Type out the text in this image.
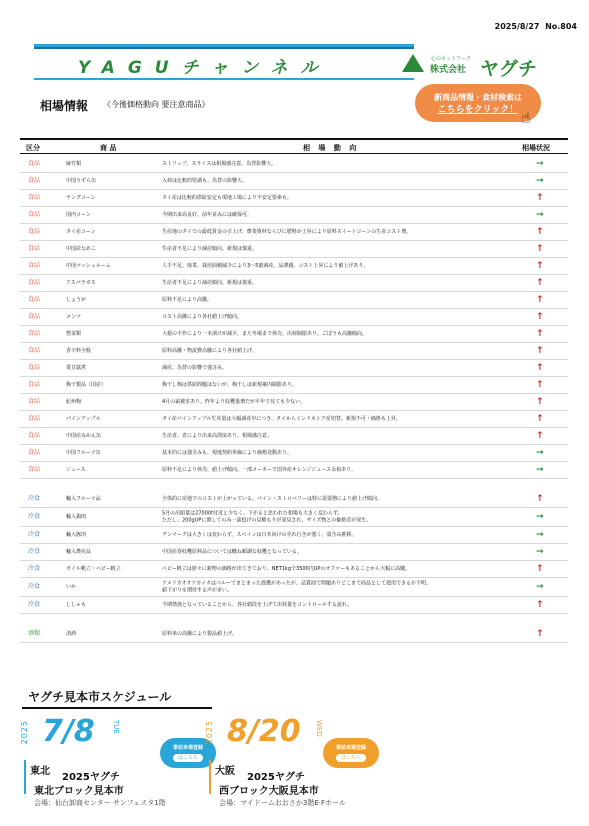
2025/8/27 No.804
YAGUチャンネル	心のネットワーク
株式会社 ヤグチ
新商品情報・食材検索は
こちらをクリック！ ☝
相場情報 《今後価格動向 要注意商品》
区分	商 品	相 場 動 向	相場状況
食品	麻竹類	ストリップ、スライスは相場感注意。為替影響大。	→
食品	中国うずら缶	入荷は比較的堅調も、為替の影響大。	→
食品	ヤングコーン	タイ産は比較的供給安定も現地工場により不安定要素も。	↑
食品	国内コーン	今期出来高良好、前年並みには確保可。	→
食品	タイ産コーン	生産地のタイでの最低賃金の引上げ、農業資材ならびに肥料が上昇により原料スイートコーンの生産コスト増。	↑
食品	中国産なめこ	生産者不足により減産傾向。新規は慎重。	↑
食品	中国マッシュルーム	人手不足、廃業、栽培面積減少により3～5割減産。品薄感、コスト上昇により値上げあり。	↑
食品	アスパラガス	生産者不足により減産傾向。新規は慎重。	↑
食品	しょうが	原料不足により高騰。	↑
食品	メンマ	コスト高騰により各社値上げ傾向。	↑
食品	惣菜類	大根の不作により一本漬けが減少。また冬場まで休売、出荷制限あり。ごぼうも高騰傾向。	↑
食品	香辛料全般	原料高騰・物流費高騰により各社値上げ。	↑
食品	業甘露煮	減産、為替の影響で強含み。	↑
食品	梅干製品（国産）	梅干し梅は供給問題はないが、梅干しは新規案内制限あり。	↑
食品	紀州梅	4月の霜被害あり。昨年より収穫量増だが平年で見ても少ない。	↑
食品	パインアップル	タイ産パインアップル生産量は大幅減産中につき、タイからインドネシア産切替。新規不可・価格も上昇。	↑
食品	中国産みかん缶	生産者、省により出来高漂浪あり。相場感注意。	↑
食品	中国フルーツ缶	基本的には強含みも、現地契約単価により価格変動あり。	→
食品	ジュース	原料不足により休売、値上げ傾向。一部メーカーで国外産オレンジジュース余裕あり。	→
冷食	輸入フルーツ品	全体的に産地でのコストが上がっている。パイン・ストロベリーは特に需要増により値上げ傾向。	↑
冷食	輸入鶏肉
5月の出船量は27000t付近と少なく、下がると思われた相場も大きく変わらず。
ただし、200gUPに関してのみ一部投げの見積もりが発見され、サイズ物との価格差が発生。	→
冷食	輸入豚肉	デンマークは大きくは変わらず。スペインは日本向けの売れ行きが悪く、弱含み推移。	→
冷食	輸入農産品	中国産春収穫原料品については概ね順調な収穫となっている。	→
冷食	ボイル帆立・ベビー帆立	ベビー帆立は徐々に新物の価格が出てきており、NET1kgで3500円UPのオファーもあることから大幅に高騰。	↑
冷食	いか
アメリカオオアカイカはペルーでまとまった漁獲があったが、品質面で問題ありどこまで商品として使用できるか不明。
値下がりを期待する声が多い。	→
冷食	ししゃも	今期禁漁となっていることから、各社値段を上げて出荷量をコントロールする流れ。	↑
酒類	清酒	原料米の高騰により製品値上げ。	↑
ヤグチ見本市スケジュール
2025 7/8 TUE
事前来場登録
はこちら
東北
2025ヤグチ
東北ブロック見本市
会場：仙台卸商センター サンフェスタ1階
2025 8/20 WED
事前来場登録
はこちら
大阪
2025ヤグチ
西ブロック大阪見本市
会場：マイドームおおさか3階E·Fホール
